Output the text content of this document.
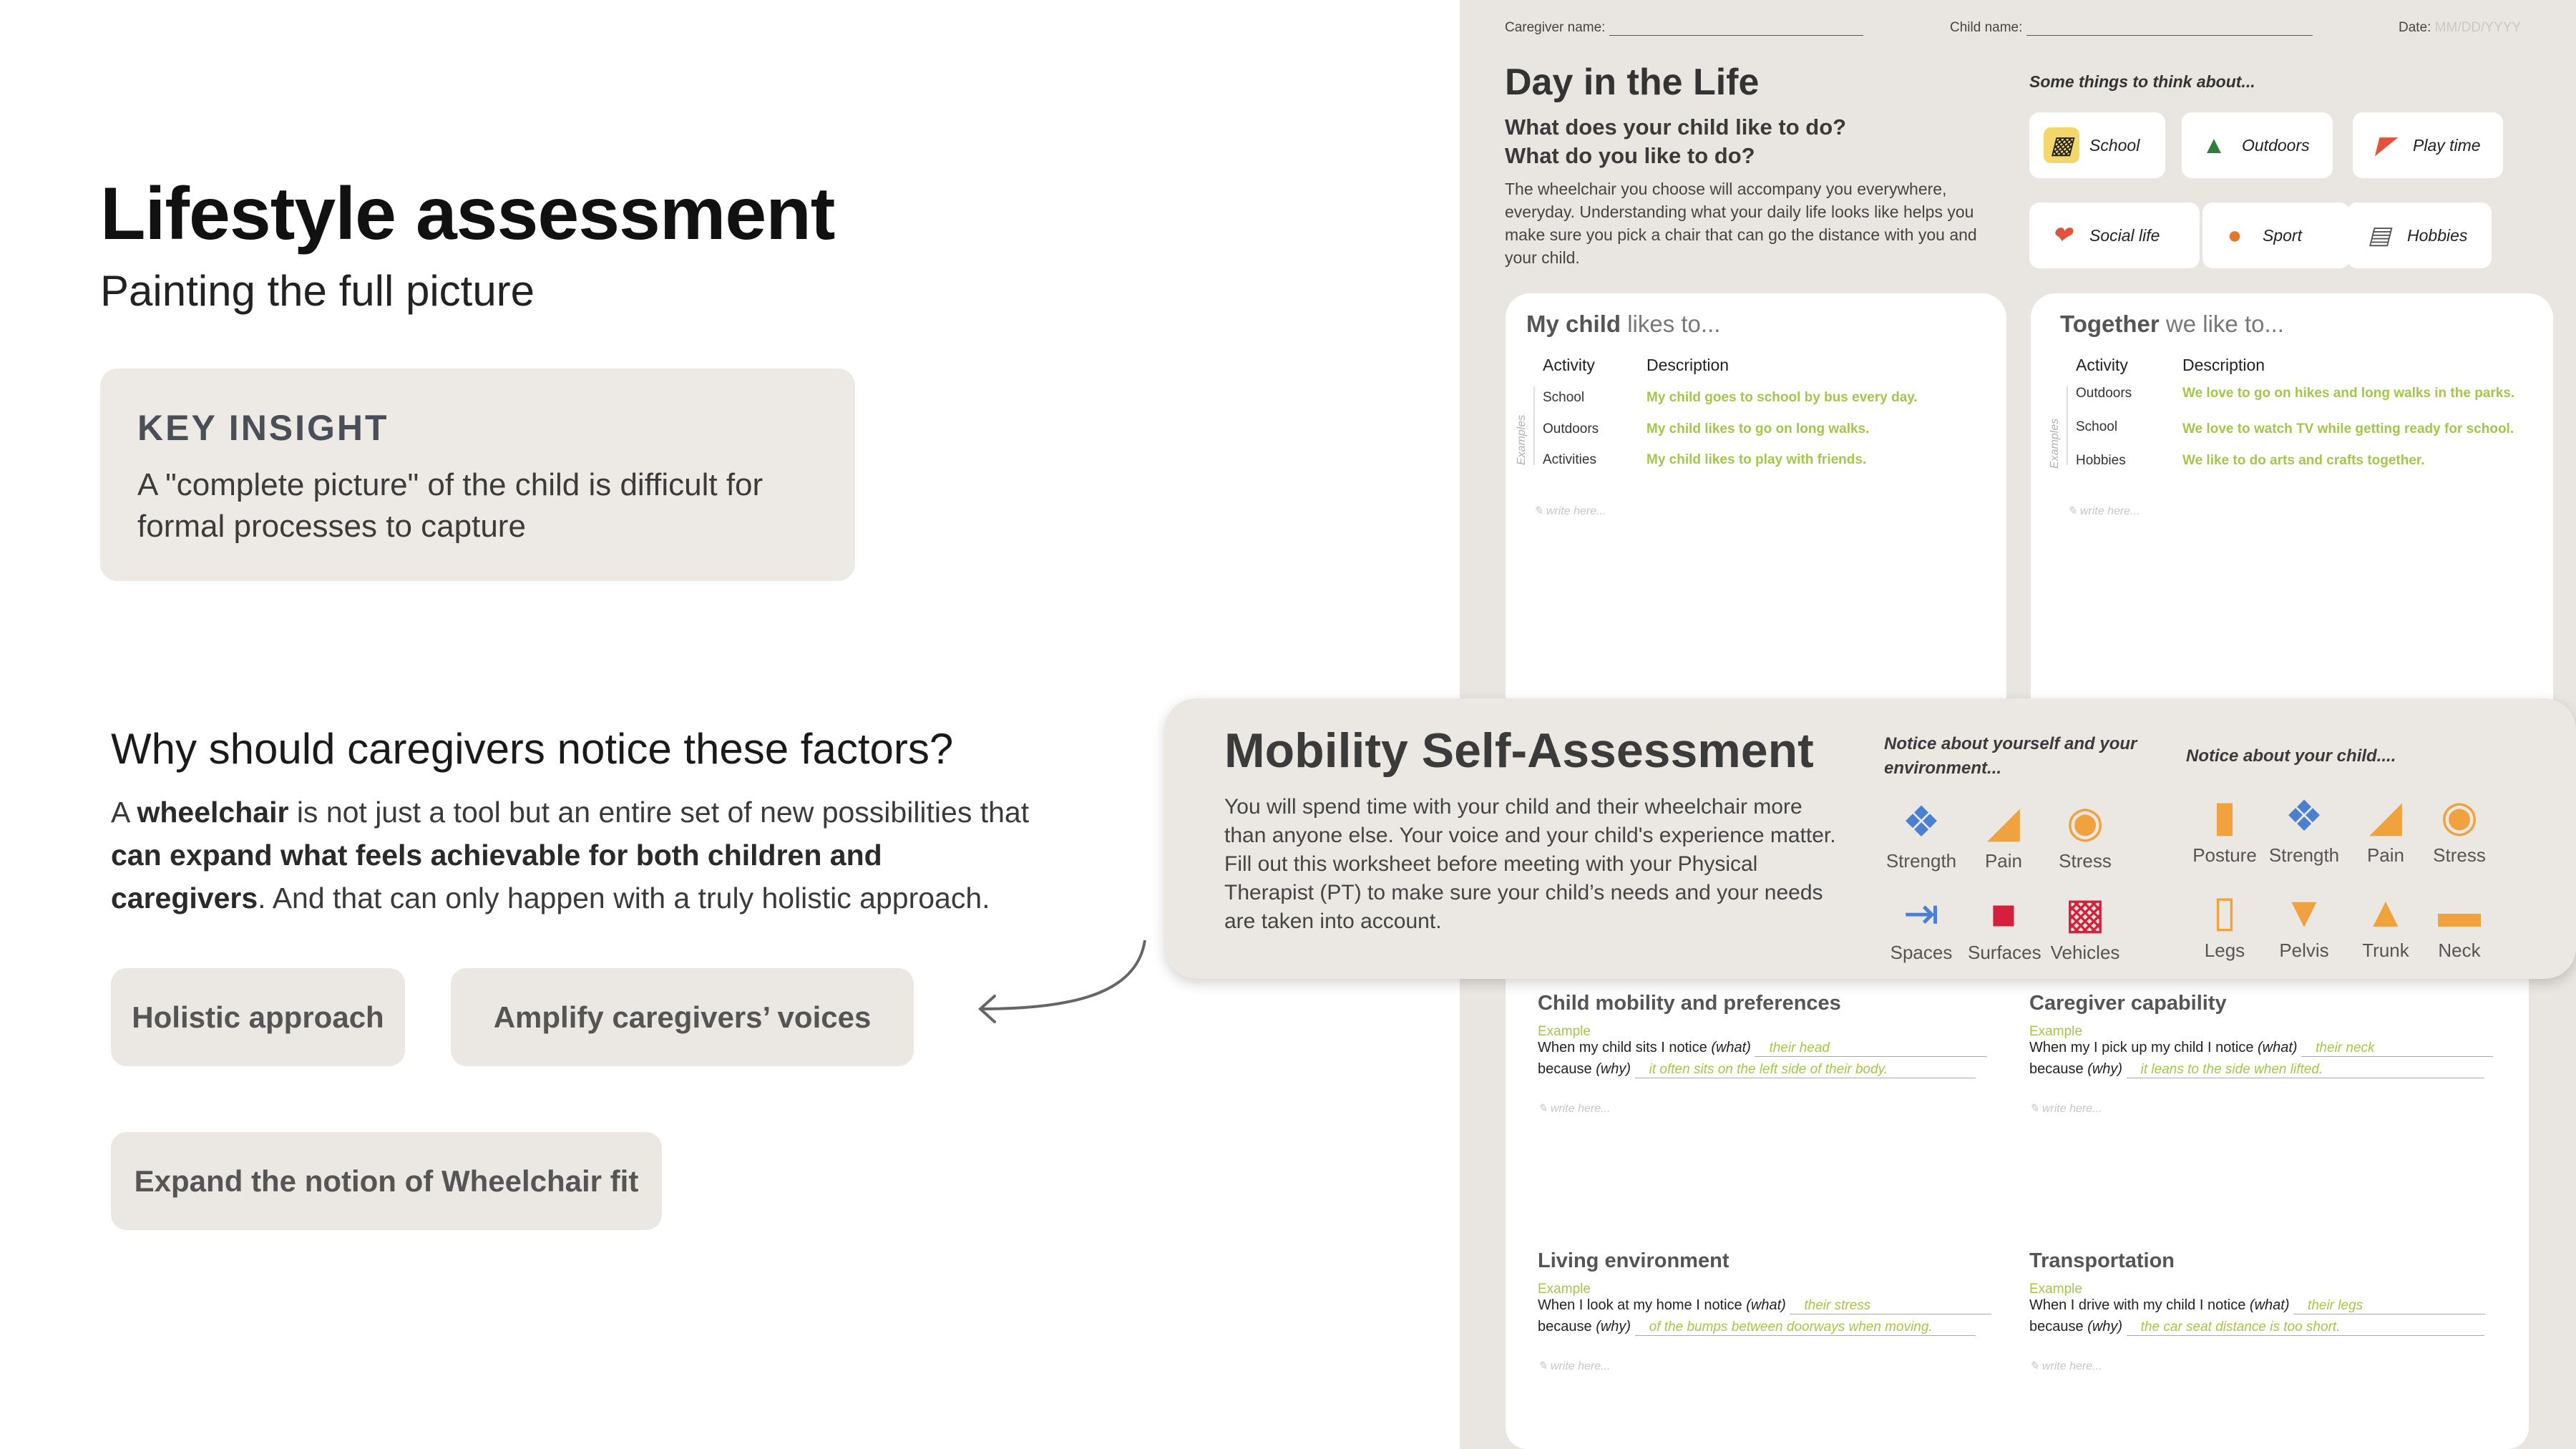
Lifestyle assessment
Painting the full picture
KEY INSIGHT
A "complete picture" of the child is difficult for formal processes to capture
Why should caregivers notice these factors?
A wheelchair is not just a tool but an entire set of new possibilities that can expand what feels achievable for both children and caregivers. And that can only happen with a truly holistic approach.
Holistic approach	Amplify caregivers’ voices
Expand the notion of Wheelchair fit
Caregiver name:	Child name:	Date: MM/DD/YYYY
Day in the Life
What does your child like to do?
What do you like to do?
The wheelchair you choose will accompany you everywhere, everyday. Understanding what your daily life looks like helps you make sure you pick a chair that can go the distance with you and your child.
Some things to think about...
▩ School	▲ Outdoors	◤	Play time
❤	Social life	●	Sport	▤ Hobbies
My child likes to...
Activity	Description
Examples
School	My child goes to school by bus every day.
Outdoors	My child likes to go on long walks.
Activities	My child likes to play with friends.
✎ write here...
Together we like to...
Activity	Description
Examples
Outdoors	We love to go on hikes and long walks in the parks.
School	We love to watch TV while getting ready for school.
Hobbies	We like to do arts and crafts together.
✎ write here...
Child mobility and preferences
Example
When my child sits I notice (what) their head
because (why) it often sits on the left side of their body.
✎ write here...
Caregiver capability
Example
When my I pick up my child I notice (what) their neck
because (why) it leans to the side when lifted.
✎ write here...
Living environment
Example
When I look at my home I notice (what) their stress
because (why) of the bumps between doorways when moving.
✎ write here...
Transportation
Example
When I drive with my child I notice (what) their legs
because (why) the car seat distance is too short.
✎ write here...
Mobility Self-Assessment
You will spend time with your child and their wheelchair more than anyone else. Your voice and your child's experience matter. Fill out this worksheet before meeting with your Physical Therapist (PT) to make sure your child’s needs and your needs are taken into account.
Notice about yourself and your environment...
Notice about your child....
❖
Strength
◢
Pain
◉
Stress
⇥
Spaces
■
Surfaces
▩
Vehicles
▮
Posture
❖
Strength
◢
Pain
◉
Stress
▯
Legs
▼
Pelvis
▲
Trunk
▬
Neck
